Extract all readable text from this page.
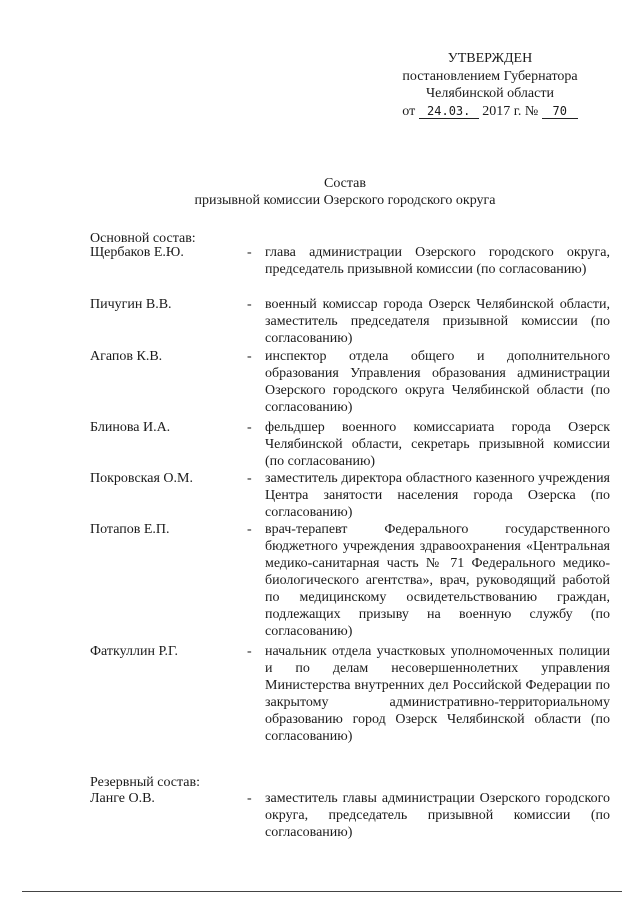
УТВЕРЖДЕН
постановлением Губернатора
Челябинской области
от 24.03. 2017 г. № 70
Состав
призывной комиссии Озерского городского округа
Основной состав:
Щербаков Е.Ю.	- глава администрации Озерского городского округа, председатель призывной комиссии (по согласованию)
Пичугин В.В.	- военный комиссар города Озерск Челябинской области, заместитель председателя призывной комиссии (по согласованию)
Агапов К.В.	- инспектор отдела общего и дополнительного образования Управления образования администрации Озерского городского округа Челябинской области (по согласованию)
Блинова И.А.	- фельдшер военного комиссариата города Озерск Челябинской области, секретарь призывной комиссии (по согласованию)
Покровская О.М.	- заместитель директора областного казенного учреждения Центра занятости населения города Озерска (по согласованию)
Потапов Е.П.	- врач-терапевт Федерального государственного бюджетного учреждения здравоохранения «Центральная медико-санитарная часть № 71 Федерального медико-биологического агентства», врач, руководящий работой по медицинскому освидетельствованию граждан, подлежащих призыву на военную службу (по согласованию)
Фаткуллин Р.Г.	- начальник отдела участковых уполномоченных полиции и по делам несовершеннолетних управления Министерства внутренних дел Российской Федерации по закрытому административно-территориальному образованию город Озерск Челябинской области (по согласованию)
Резервный состав:
Ланге О.В.	- заместитель главы администрации Озерского городского округа, председатель призывной комиссии (по согласованию)
